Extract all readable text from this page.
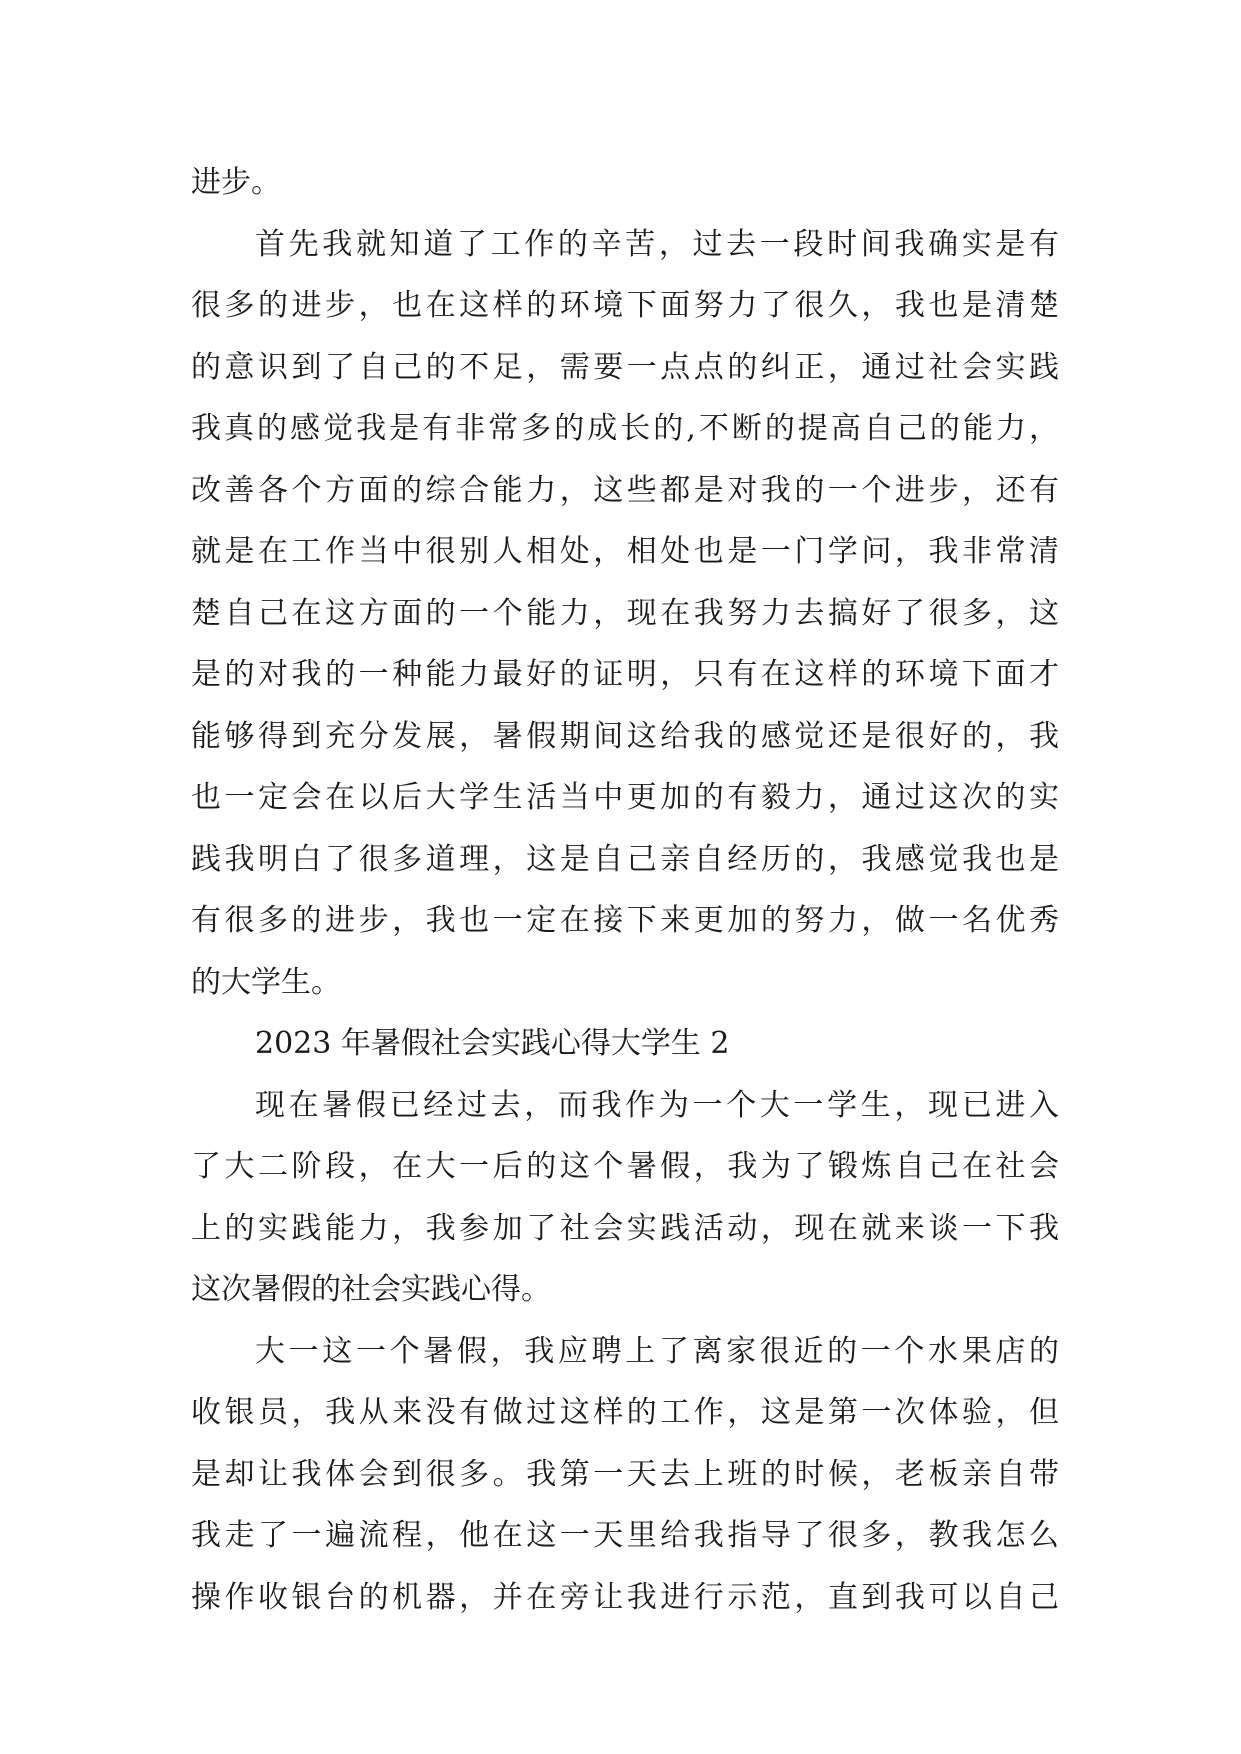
进步。
首先我就知道了工作的辛苦，过去一段时间我确实是有
很多的进步，也在这样的环境下面努力了很久，我也是清楚
的意识到了自己的不足，需要一点点的纠正，通过社会实践
我真的感觉我是有非常多的成长的,不断的提高自己的能力，
改善各个方面的综合能力，这些都是对我的一个进步，还有
就是在工作当中很别人相处，相处也是一门学问，我非常清
楚自己在这方面的一个能力，现在我努力去搞好了很多，这
是的对我的一种能力最好的证明，只有在这样的环境下面才
能够得到充分发展，暑假期间这给我的感觉还是很好的，我
也一定会在以后大学生活当中更加的有毅力，通过这次的实
践我明白了很多道理，这是自己亲自经历的，我感觉我也是
有很多的进步，我也一定在接下来更加的努力，做一名优秀
的大学生。
2023 年暑假社会实践心得大学生 2
现在暑假已经过去，而我作为一个大一学生，现已进入
了大二阶段，在大一后的这个暑假，我为了锻炼自己在社会
上的实践能力，我参加了社会实践活动，现在就来谈一下我
这次暑假的社会实践心得。
大一这一个暑假，我应聘上了离家很近的一个水果店的
收银员，我从来没有做过这样的工作，这是第一次体验，但
是却让我体会到很多。我第一天去上班的时候，老板亲自带
我走了一遍流程，他在这一天里给我指导了很多，教我怎么
操作收银台的机器，并在旁让我进行示范，直到我可以自己
